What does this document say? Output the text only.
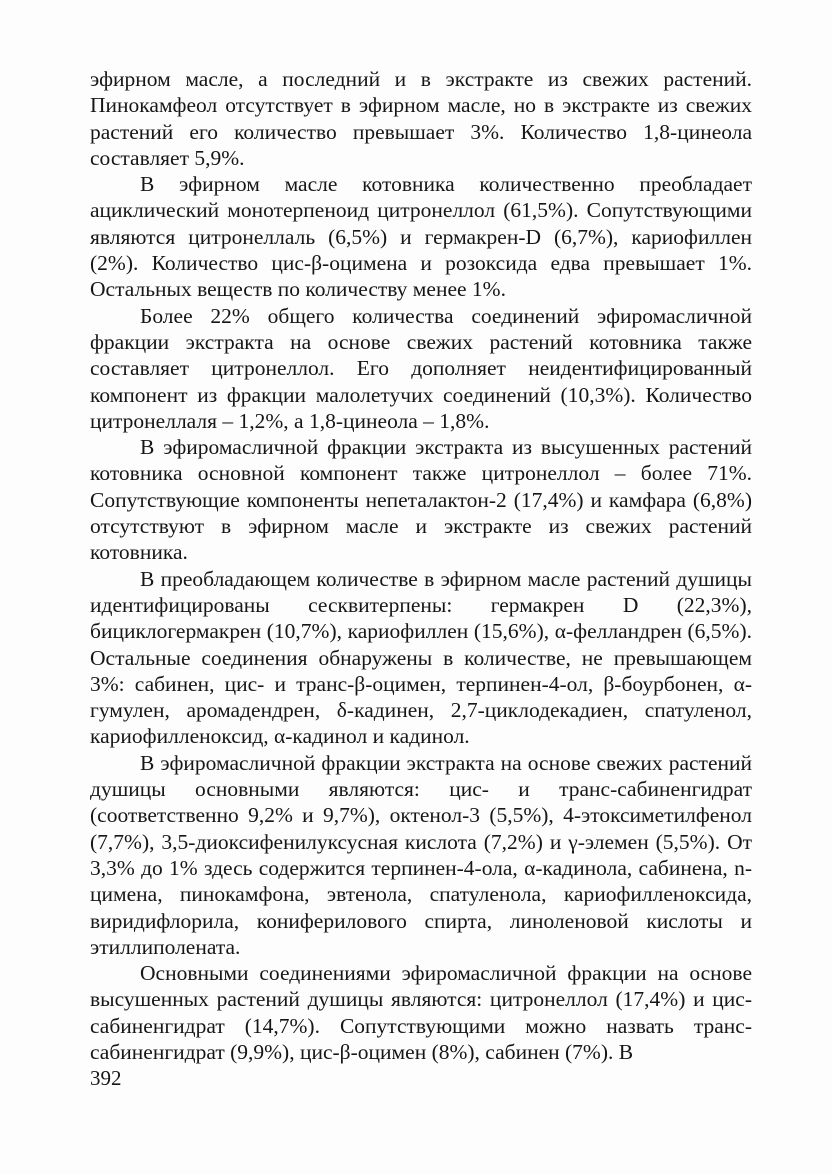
эфирном масле, а последний и в экстракте из свежих растений. Пинокамфеол отсутствует в эфирном масле, но в экстракте из свежих растений его количество превышает 3%. Количество 1,8-цинеола составляет 5,9%.

В эфирном масле котовника количественно преобладает ациклический монотерпеноид цитронеллол (61,5%). Сопутствующими являются цитронеллаль (6,5%) и гермакрен-D (6,7%), кариофиллен (2%). Количество цис-β-оцимена и розоксида едва превышает 1%. Остальных веществ по количеству менее 1%.

Более 22% общего количества соединений эфиромасличной фракции экстракта на основе свежих растений котовника также составляет цитронеллол. Его дополняет неидентифицированный компонент из фракции малолетучих соединений (10,3%). Количество цитронеллаля – 1,2%, а 1,8-цинеола – 1,8%.

В эфиромасличной фракции экстракта из высушенных растений котовника основной компонент также цитронеллол – более 71%. Сопутствующие компоненты непеталактон-2 (17,4%) и камфара (6,8%) отсутствуют в эфирном масле и экстракте из свежих растений котовника.

В преобладающем количестве в эфирном масле растений душицы идентифицированы сесквитерпены: гермакрен D (22,3%), бициклогермакрен (10,7%), кариофиллен (15,6%), α-фелландрен (6,5%). Остальные соединения обнаружены в количестве, не превышающем 3%: сабинен, цис- и транс-β-оцимен, терпинен-4-ол, β-боурбонен, α-гумулен, аромадендрен, δ-кадинен, 2,7-циклодекадиен, спатуленол, кариофилленоксид, α-кадинол и кадинол.

В эфиромасличной фракции экстракта на основе свежих растений душицы основными являются: цис- и транс-сабиненгидрат (соответственно 9,2% и 9,7%), октенол-3 (5,5%), 4-этоксиметилфенол (7,7%), 3,5-диоксифенилуксусная кислота (7,2%) и γ-элемен (5,5%). От 3,3% до 1% здесь содержится терпинен-4-ола, α-кадинола, сабинена, n-цимена, пинокамфона, эвтенола, спатуленола, кариофилленоксида, виридифлорила, кониферилового спирта, линоленовой кислоты и этиллиполената.

Основными соединениями эфиромасличной фракции на основе высушенных растений душицы являются: цитронеллол (17,4%) и цис-сабиненгидрат (14,7%). Сопутствующими можно назвать транс-сабиненгидрат (9,9%), цис-β-оцимен (8%), сабинен (7%). В

392
